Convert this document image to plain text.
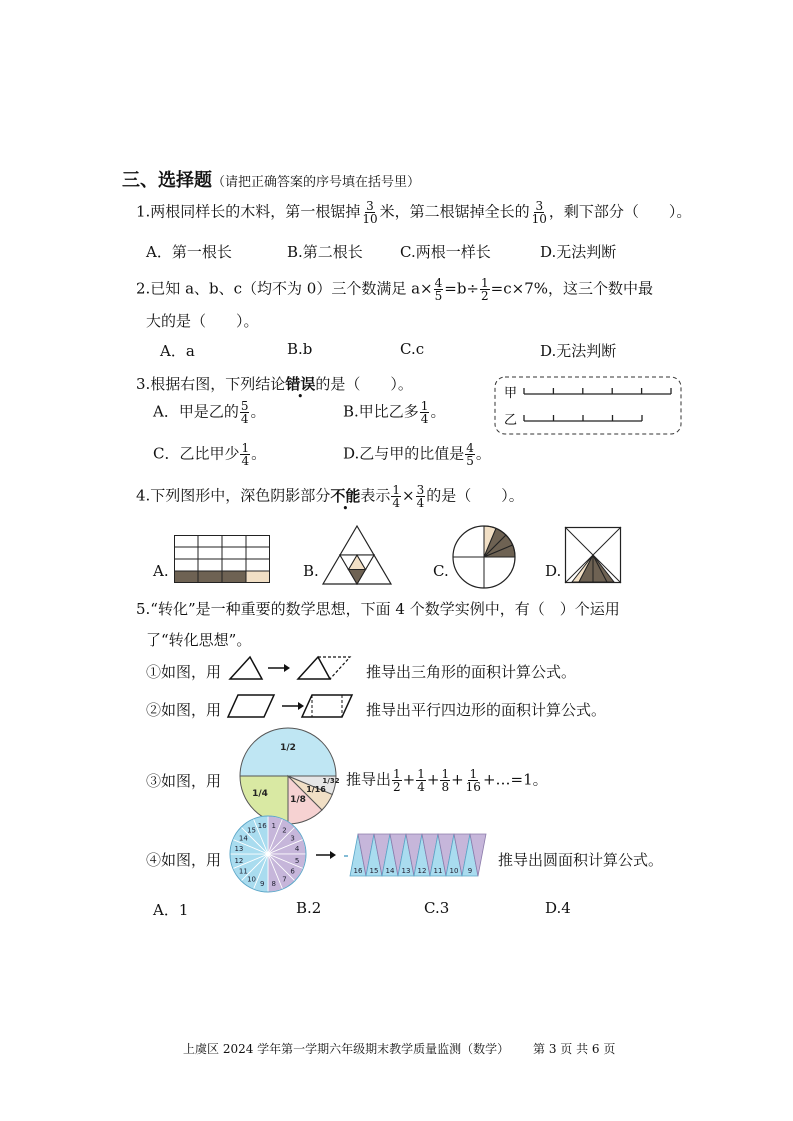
三、选择题（请把正确答案的序号填在括号里）
1.两根同样长的木料，第一根锯掉 $\frac{3}{10}$ 米，第二根锯掉全长的 $\frac{3}{10}$ ，剩下部分（　　）。
A．第一根长	B.第二根长 C.两根一样长	D.无法判断
2.已知 a、b、c（均不为 0）三个数满足 $a\times \frac{4}{5} =b\div \frac{1}{2} =c\times 7\%$，这三个数中最
大的是（　　）。
A．a	B.b	C.c	D.无法判断
3.根据右图，下列结论错误的是（　　）。
A．甲是乙的 $\frac{5}{4}$ 。	B.甲比乙多 $\frac{1}{4}$ 。
C．乙比甲少 $\frac{1}{4}$ 。	D.乙与甲的比值是 $\frac{4}{5}$ 。
甲
乙
4.下列图形中，深色阴影部分不能表示 $\frac{1}{4} \times \frac{3}{4}$ 的是（　　）。
A.	B.	C.	D.
5.“转化”是一种重要的数学思想，下面 4 个数学实例中，有（　）个运用
了“转化思想”。
①如图，用	推导出三角形的面积计算公式。
②如图，用	推导出平行四边形的面积计算公式。
③如图，用
1/2
1/4
1/8
1/16
1/32 推导出 $\frac{1}{2} + \frac{1}{4} + \frac{1}{8} + \frac{1}{16}$ +…=1。
④如图，用
1
2
3
4
5
6
7
8
9
10
11
12
13
14
15
16
16 15 14 13 12 11 10 9
推导出圆面积计算公式。
A．1	B.2	C.3	D.4
上虞区 2024 学年第一学期六年级期末教学质量监测（数学） 第 3 页 共 6 页
